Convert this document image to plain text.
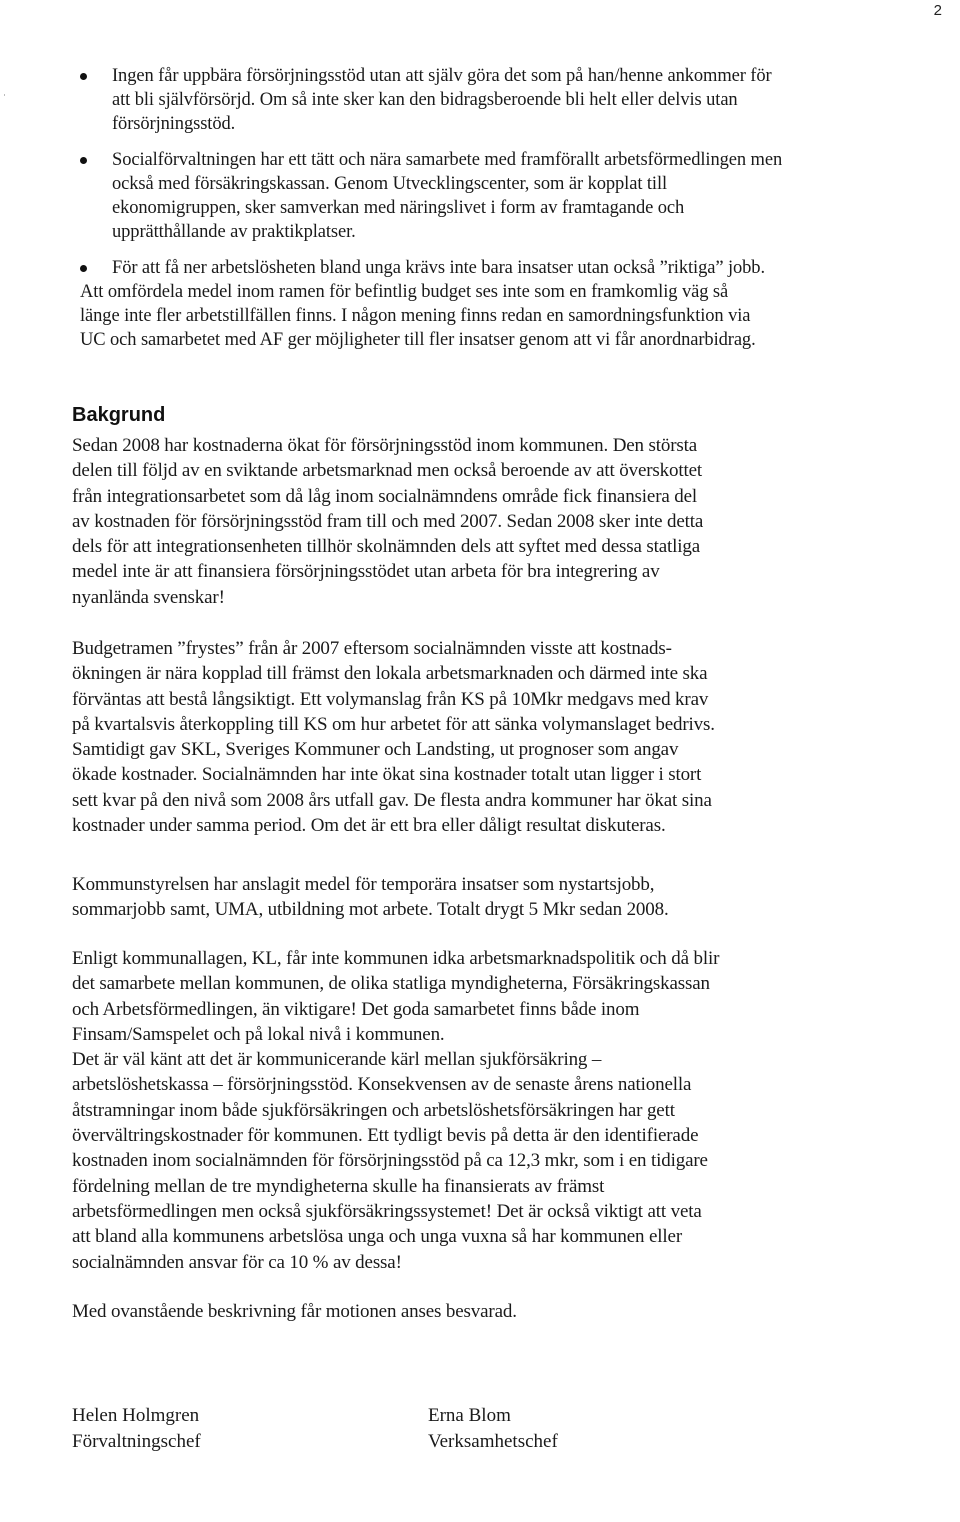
2
Ingen får uppbära försörjningsstöd utan att själv göra det som på han/henne ankommer för
att bli självförsörjd. Om så inte sker kan den bidragsberoende bli helt eller delvis utan
försörjningsstöd.
Socialförvaltningen har ett tätt och nära samarbete med framförallt arbetsförmedlingen men
också med försäkringskassan. Genom Utvecklingscenter, som är kopplat till
ekonomigruppen, sker samverkan med näringslivet i form av framtagande och
upprätthållande av praktikplatser.
För att få ner arbetslösheten bland unga krävs inte bara insatser utan också ”riktiga” jobb.
Att omfördela medel inom ramen för befintlig budget ses inte som en framkomlig väg så
länge inte fler arbetstillfällen finns. I någon mening finns redan en samordningsfunktion via
UC och samarbetet med AF ger möjligheter till fler insatser genom att vi får anordnarbidrag.
Bakgrund
Sedan 2008 har kostnaderna ökat för försörjningsstöd inom kommunen. Den största
delen till följd av en sviktande arbetsmarknad men också beroende av att överskottet
från integrationsarbetet som då låg inom socialnämndens område fick finansiera del
av kostnaden för försörjningsstöd fram till och med 2007. Sedan 2008 sker inte detta
dels för att integrationsenheten tillhör skolnämnden dels att syftet med dessa statliga
medel inte är att finansiera försörjningsstödet utan arbeta för bra integrering av
nyanlända svenskar!
Budgetramen ”frystes” från år 2007 eftersom socialnämnden visste att kostnads-
ökningen är nära kopplad till främst den lokala arbetsmarknaden och därmed inte ska
förväntas att bestå långsiktigt. Ett volymanslag från KS på 10Mkr medgavs med krav
på kvartalsvis återkoppling till KS om hur arbetet för att sänka volymanslaget bedrivs.
Samtidigt gav SKL, Sveriges Kommuner och Landsting, ut prognoser som angav
ökade kostnader. Socialnämnden har inte ökat sina kostnader totalt utan ligger i stort
sett kvar på den nivå som 2008 års utfall gav. De flesta andra kommuner har ökat sina
kostnader under samma period. Om det är ett bra eller dåligt resultat diskuteras.
Kommunstyrelsen har anslagit medel för temporära insatser som nystartsjobb,
sommarjobb samt, UMA, utbildning mot arbete. Totalt drygt 5 Mkr sedan 2008.
Enligt kommunallagen, KL, får inte kommunen idka arbetsmarknadspolitik och då blir
det samarbete mellan kommunen, de olika statliga myndigheterna, Försäkringskassan
och Arbetsförmedlingen, än viktigare! Det goda samarbetet finns både inom
Finsam/Samspelet och på lokal nivå i kommunen.
Det är väl känt att det är kommunicerande kärl mellan sjukförsäkring –
arbetslöshetskassa – försörjningsstöd. Konsekvensen av de senaste årens nationella
åtstramningar inom både sjukförsäkringen och arbetslöshetsförsäkringen har gett
övervältringskostnader för kommunen. Ett tydligt bevis på detta är den identifierade
kostnaden inom socialnämnden för försörjningsstöd på ca 12,3 mkr, som i en tidigare
fördelning mellan de tre myndigheterna skulle ha finansierats av främst
arbetsförmedlingen men också sjukförsäkringssystemet! Det är också viktigt att veta
att bland alla kommunens arbetslösa unga och unga vuxna så har kommunen eller
socialnämnden ansvar för ca 10 % av dessa!
Med ovanstående beskrivning får motionen anses besvarad.
Helen Holmgren
Förvaltningschef
Erna Blom
Verksamhetschef
